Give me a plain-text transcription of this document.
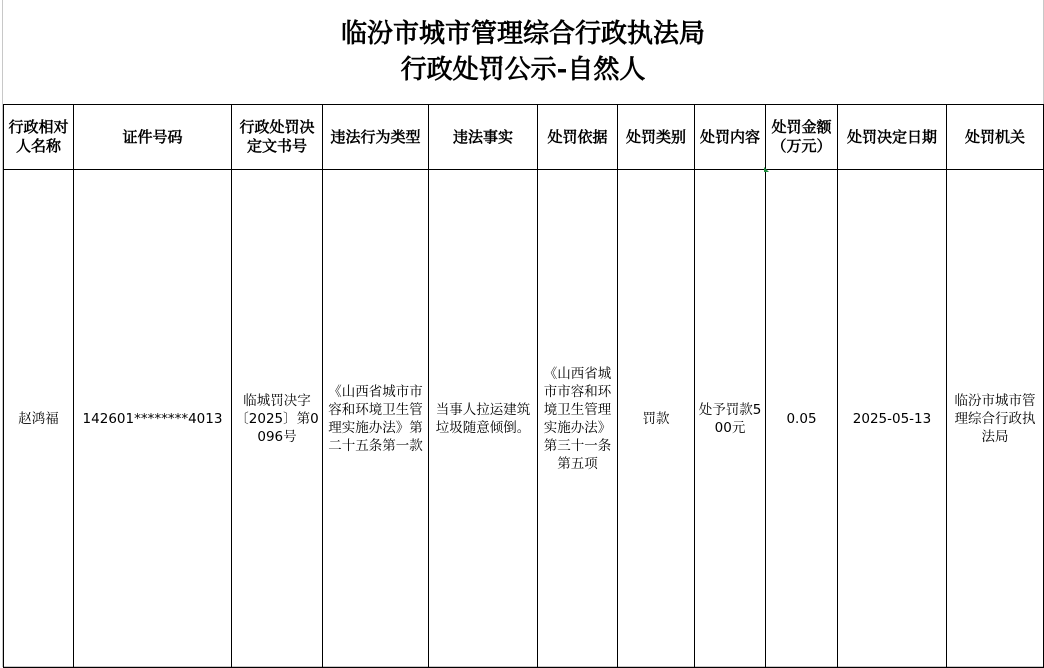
临汾市城市管理综合行政执法局
行政处罚公示-自然人
行政相对人名称	证件号码	行政处罚决定文书号	违法行为类型	违法事实	处罚依据	处罚类别	处罚内容	处罚金额（万元）	处罚决定日期	处罚机关
赵鸿福	142601********4013	临城罚决字〔2025〕第0096号	《山西省城市市容和环境卫生管理实施办法》第二十五条第一款	当事人拉运建筑垃圾随意倾倒。	《山西省城市市容和环境卫生管理实施办法》第三十一条第五项	罚款	处予罚款500元	0.05	2025-05-13	临汾市城市管理综合行政执法局
